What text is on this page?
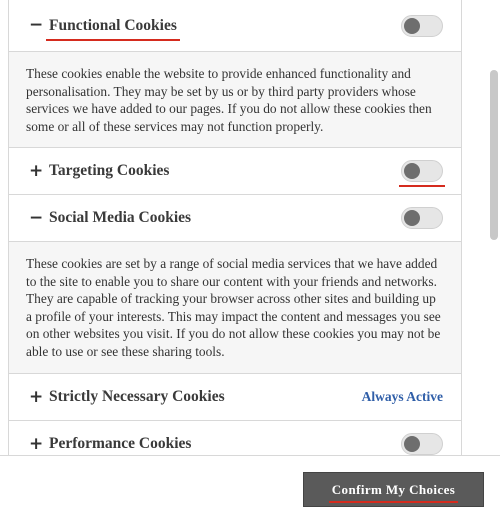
− Functional Cookies
These cookies enable the website to provide enhanced functionality and personalisation. They may be set by us or by third party providers whose services we have added to our pages. If you do not allow these cookies then some or all of these services may not function properly.
+ Targeting Cookies
− Social Media Cookies
These cookies are set by a range of social media services that we have added to the site to enable you to share our content with your friends and networks. They are capable of tracking your browser across other sites and building up a profile of your interests. This may impact the content and messages you see on other websites you visit. If you do not allow these cookies you may not be able to use or see these sharing tools.
+ Strictly Necessary Cookies	Always Active
+ Performance Cookies
Confirm My Choices
